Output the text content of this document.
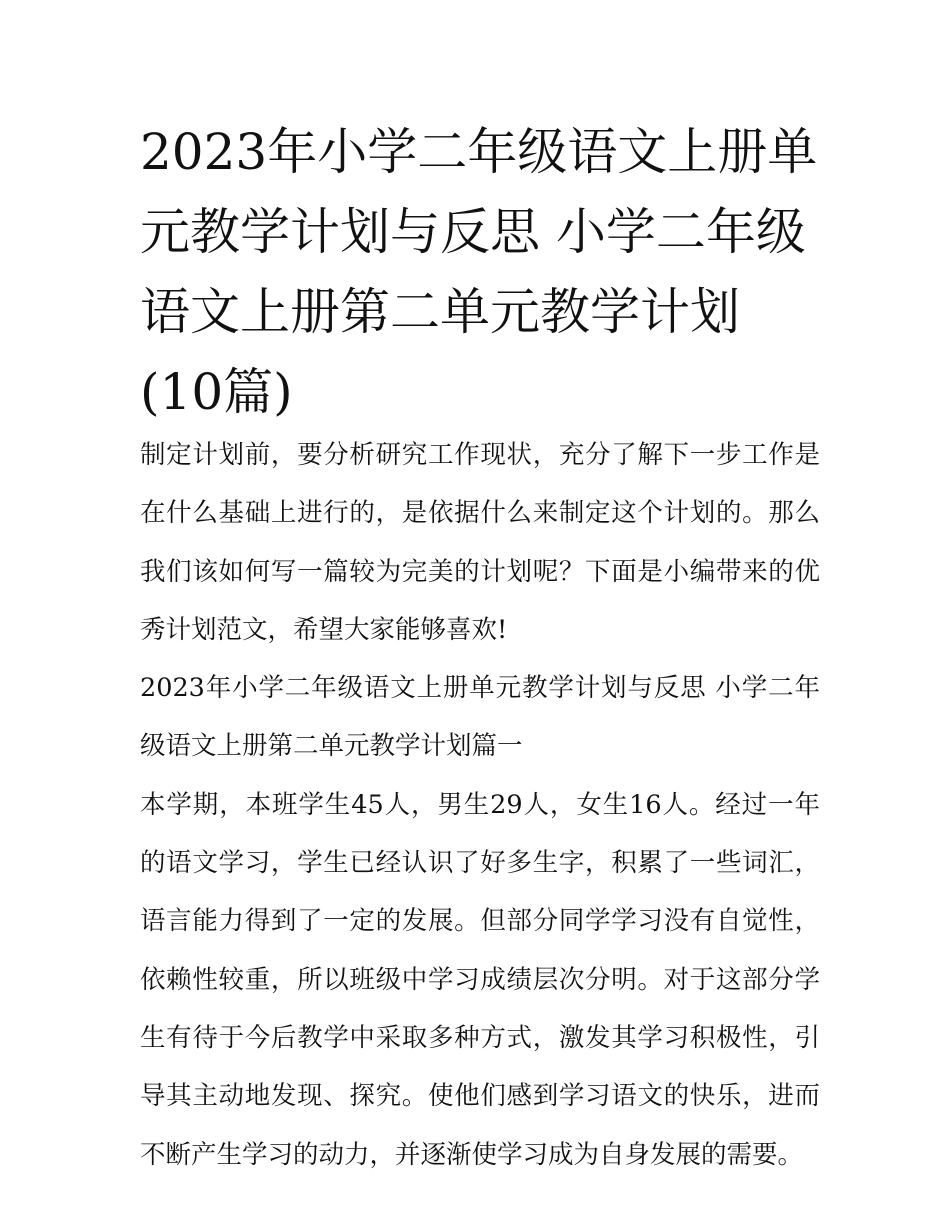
2023年小学二年级语文上册单元教学计划与反思 小学二年级语文上册第二单元教学计划(10篇)

制定计划前，要分析研究工作现状，充分了解下一步工作是在什么基础上进行的，是依据什么来制定这个计划的。那么我们该如何写一篇较为完美的计划呢？下面是小编带来的优秀计划范文，希望大家能够喜欢!

2023年小学二年级语文上册单元教学计划与反思 小学二年级语文上册第二单元教学计划篇一

本学期，本班学生45人，男生29人，女生16人。经过一年的语文学习，学生已经认识了好多生字，积累了一些词汇，语言能力得到了一定的发展。但部分同学学习没有自觉性，依赖性较重，所以班级中学习成绩层次分明。对于这部分学生有待于今后教学中采取多种方式，激发其学习积极性，引导其主动地发现、探究。使他们感到学习语文的快乐，进而不断产生学习的动力，并逐渐使学习成为自身发展的需要。
